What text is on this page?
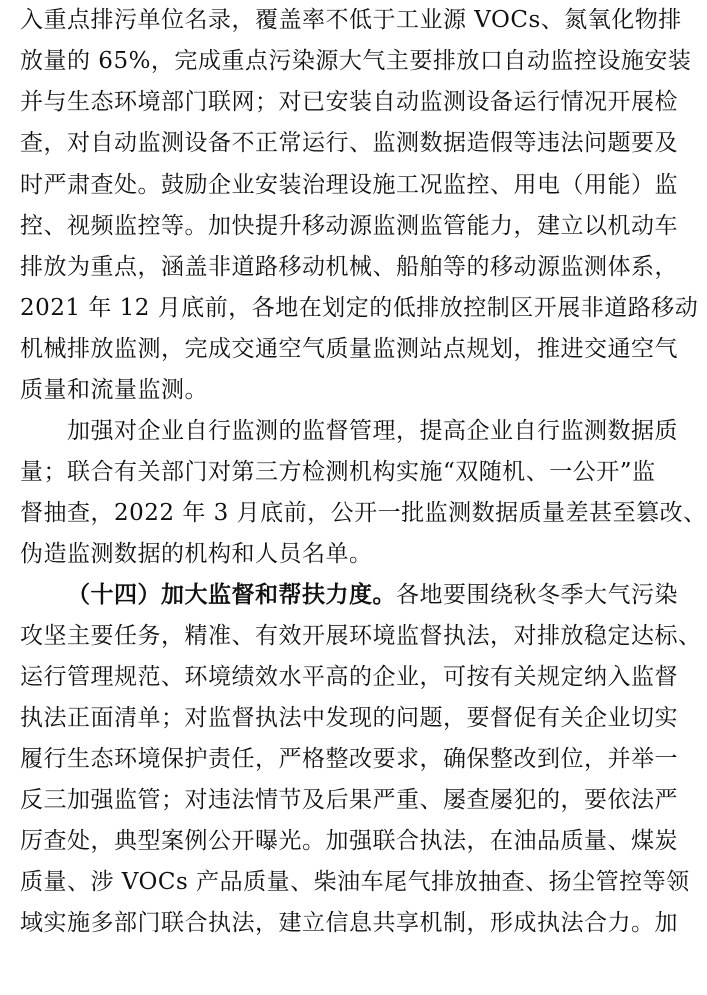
入重点排污单位名录，覆盖率不低于工业源 VOCs、氮氧化物排
放量的 65%，完成重点污染源大气主要排放口自动监控设施安装
并与生态环境部门联网；对已安装自动监测设备运行情况开展检
查，对自动监测设备不正常运行、监测数据造假等违法问题要及
时严肃查处。鼓励企业安装治理设施工况监控、用电（用能）监
控、视频监控等。加快提升移动源监测监管能力，建立以机动车
排放为重点，涵盖非道路移动机械、船舶等的移动源监测体系，
2021 年 12 月底前，各地在划定的低排放控制区开展非道路移动
机械排放监测，完成交通空气质量监测站点规划，推进交通空气
质量和流量监测。
加强对企业自行监测的监督管理，提高企业自行监测数据质
量；联合有关部门对第三方检测机构实施“双随机、一公开”监
督抽查，2022 年 3 月底前，公开一批监测数据质量差甚至篡改、
伪造监测数据的机构和人员名单。
（十四）加大监督和帮扶力度。各地要围绕秋冬季大气污染
攻坚主要任务，精准、有效开展环境监督执法，对排放稳定达标、
运行管理规范、环境绩效水平高的企业，可按有关规定纳入监督
执法正面清单；对监督执法中发现的问题，要督促有关企业切实
履行生态环境保护责任，严格整改要求，确保整改到位，并举一
反三加强监管；对违法情节及后果严重、屡查屡犯的，要依法严
厉查处，典型案例公开曝光。加强联合执法，在油品质量、煤炭
质量、涉 VOCs 产品质量、柴油车尾气排放抽查、扬尘管控等领
域实施多部门联合执法，建立信息共享机制，形成执法合力。加
